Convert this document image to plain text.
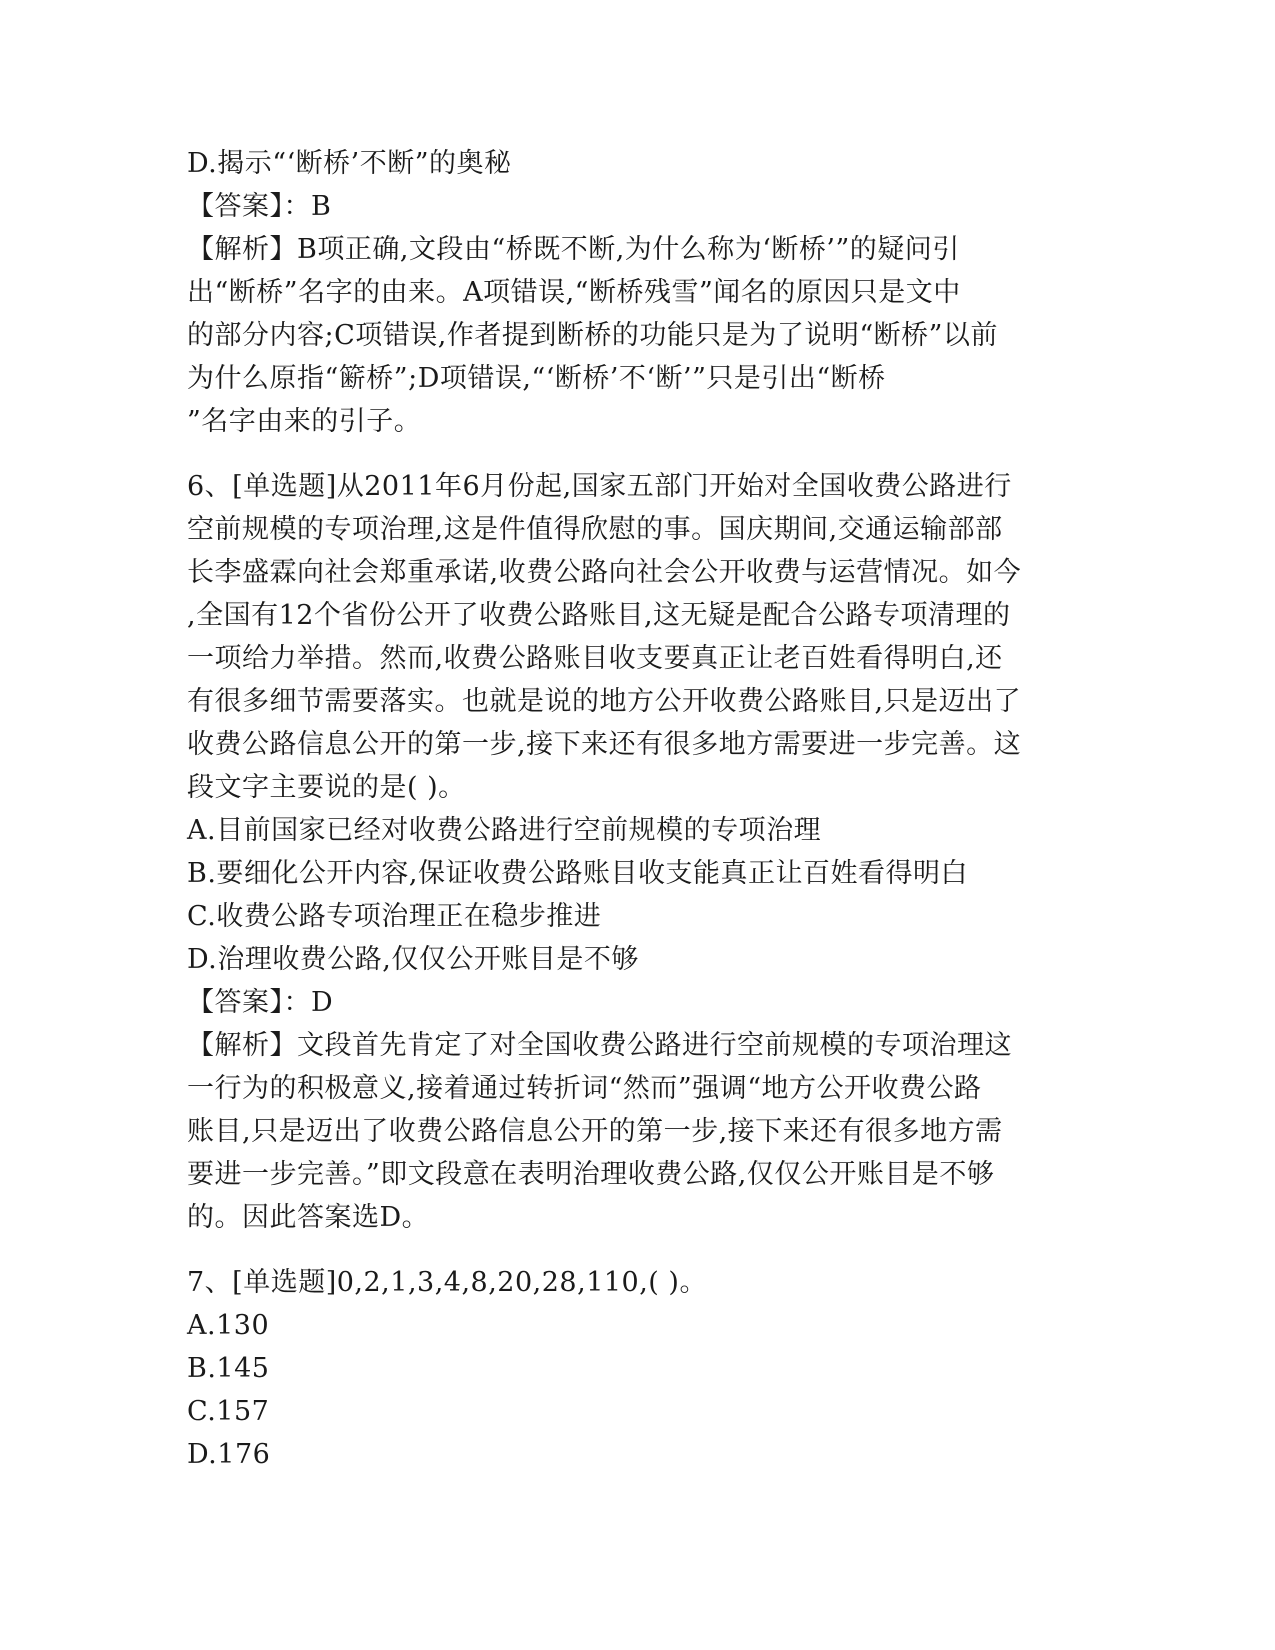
D.揭示“‘断桥’不断”的奥秘
【答案】：B
【解析】B项正确,文段由“桥既不断,为什么称为‘断桥’”的疑问引
出“断桥”名字的由来。A项错误,“断桥残雪”闻名的原因只是文中
的部分内容;C项错误,作者提到断桥的功能只是为了说明“断桥”以前
为什么原指“簖桥”;D项错误,“‘断桥’不‘断’”只是引出“断桥
”名字由来的引子。
6、[单选题]从2011年6月份起,国家五部门开始对全国收费公路进行
空前规模的专项治理,这是件值得欣慰的事。国庆期间,交通运输部部
长李盛霖向社会郑重承诺,收费公路向社会公开收费与运营情况。如今
,全国有12个省份公开了收费公路账目,这无疑是配合公路专项清理的
一项给力举措。然而,收费公路账目收支要真正让老百姓看得明白,还
有很多细节需要落实。也就是说的地方公开收费公路账目,只是迈出了
收费公路信息公开的第一步,接下来还有很多地方需要进一步完善。这
段文字主要说的是( )。
A.目前国家已经对收费公路进行空前规模的专项治理
B.要细化公开内容,保证收费公路账目收支能真正让百姓看得明白
C.收费公路专项治理正在稳步推进
D.治理收费公路,仅仅公开账目是不够
【答案】：D
【解析】文段首先肯定了对全国收费公路进行空前规模的专项治理这
一行为的积极意义,接着通过转折词“然而”强调“地方公开收费公路
账目,只是迈出了收费公路信息公开的第一步,接下来还有很多地方需
要进一步完善。”即文段意在表明治理收费公路,仅仅公开账目是不够
的。因此答案选D。
7、[单选题]0,2,1,3,4,8,20,28,110,( )。
A.130
B.145
C.157
D.176
